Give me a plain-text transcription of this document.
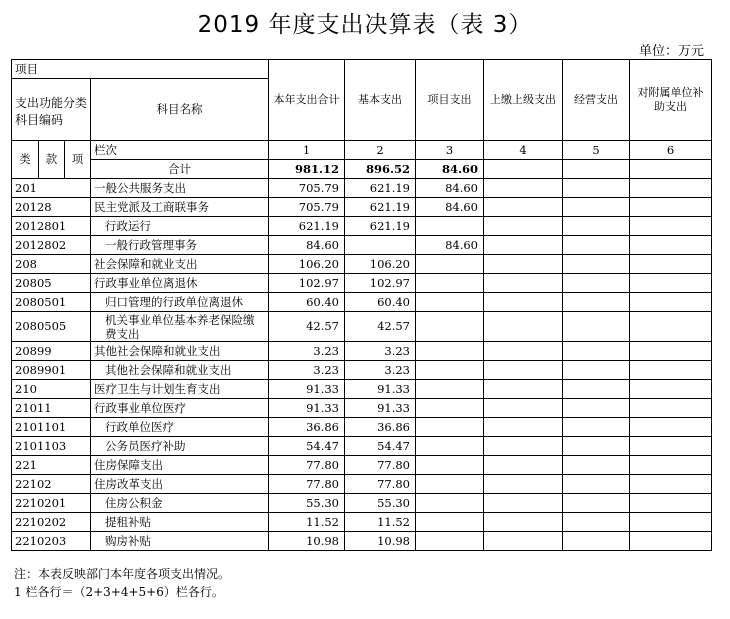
2019 年度支出决算表（表 3）
单位：万元
项目				本年支出合计	基本支出	项目支出	上缴上级支出	经营支出	对附属单位补助支出
支出功能分类科目编码			科目名称						
类	款	项	栏次	1	2	3	4	5	6
			合计	981.12	896.52	84.60			
201			一般公共服务支出	705.79	621.19	84.60			
20128			民主党派及工商联事务	705.79	621.19	84.60			
2012801			行政运行	621.19	621.19				
2012802			一般行政管理事务	84.60		84.60			
208			社会保障和就业支出	106.20	106.20				
20805			行政事业单位离退休	102.97	102.97				
2080501			归口管理的行政单位离退休	60.40	60.40				
2080505			机关事业单位基本养老保险缴费支出	42.57	42.57				
20899			其他社会保障和就业支出	3.23	3.23				
2089901			其他社会保障和就业支出	3.23	3.23				
210			医疗卫生与计划生育支出	91.33	91.33				
21011			行政事业单位医疗	91.33	91.33				
2101101			行政单位医疗	36.86	36.86				
2101103			公务员医疗补助	54.47	54.47				
221			住房保障支出	77.80	77.80				
22102			住房改革支出	77.80	77.80				
2210201			住房公积金	55.30	55.30				
2210202			提租补贴	11.52	11.52				
2210203			购房补贴	10.98	10.98				
注：本表反映部门本年度各项支出情况。
1 栏各行＝（2+3+4+5+6）栏各行。
